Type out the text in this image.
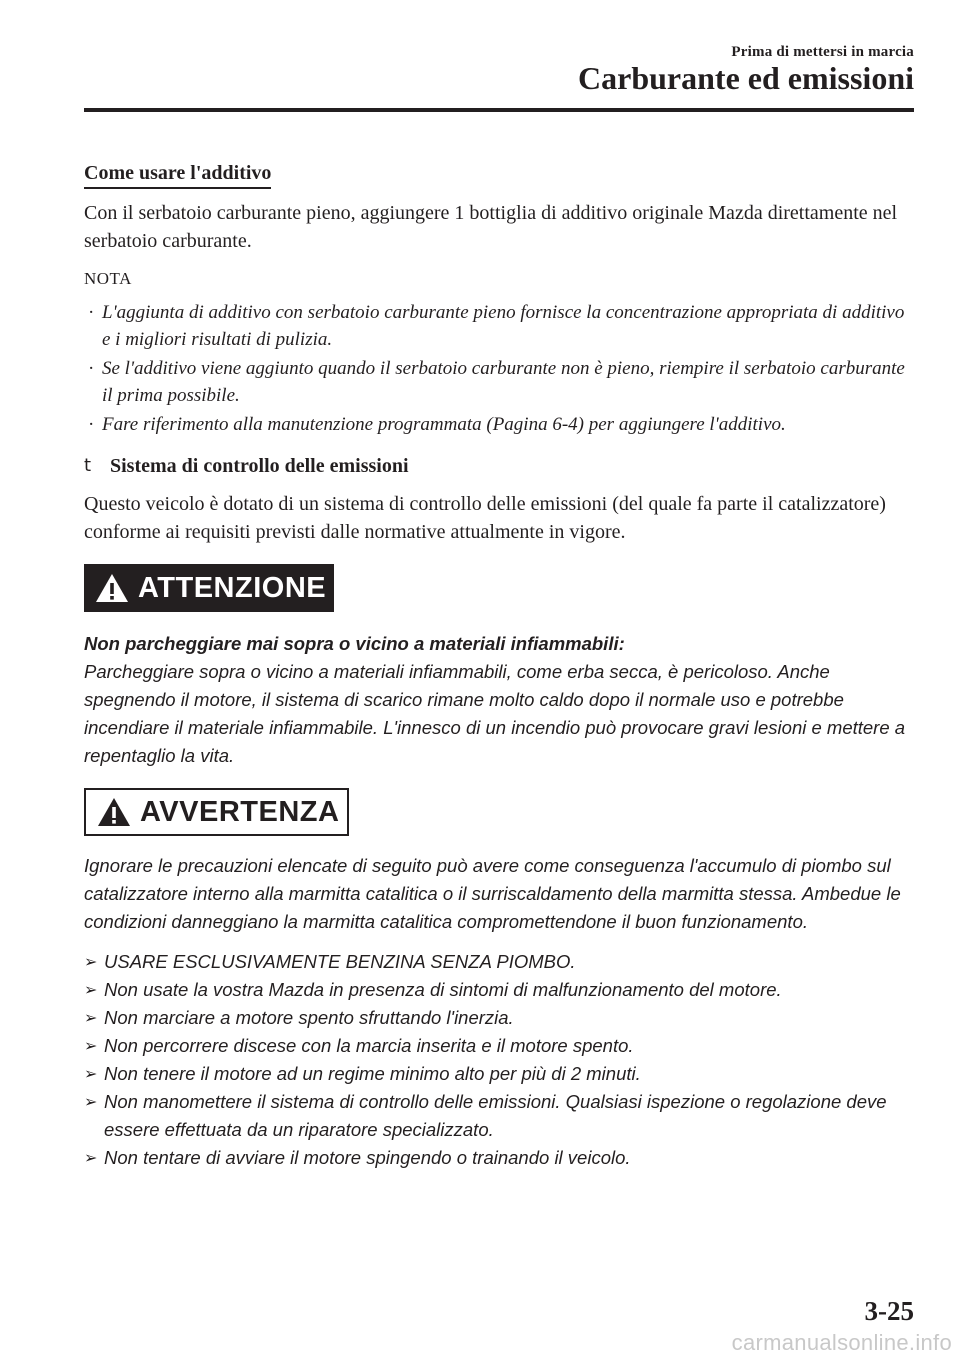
Prima di mettersi in marcia
Carburante ed emissioni
Come usare l'additivo

Con il serbatoio carburante pieno, aggiungere 1 bottiglia di additivo originale Mazda direttamente nel serbatoio carburante.

NOTA
· L'aggiunta di additivo con serbatoio carburante pieno fornisce la concentrazione appropriata di additivo e i migliori risultati di pulizia.
· Se l'additivo viene aggiunto quando il serbatoio carburante non è pieno, riempire il serbatoio carburante il prima possibile.
· Fare riferimento alla manutenzione programmata (Pagina 6-4) per aggiungere l'additivo.
t Sistema di controllo delle emissioni

Questo veicolo è dotato di un sistema di controllo delle emissioni (del quale fa parte il catalizzatore) conforme ai requisiti previsti dalle normative attualmente in vigore.

ATTENZIONE
Non parcheggiare mai sopra o vicino a materiali infiammabili:
Parcheggiare sopra o vicino a materiali infiammabili, come erba secca, è pericoloso. Anche spegnendo il motore, il sistema di scarico rimane molto caldo dopo il normale uso e potrebbe incendiare il materiale infiammabile. L'innesco di un incendio può provocare gravi lesioni e mettere a repentaglio la vita.
AVVERTENZA
Ignorare le precauzioni elencate di seguito può avere come conseguenza l'accumulo di piombo sul catalizzatore interno alla marmitta catalitica o il surriscaldamento della marmitta stessa. Ambedue le condizioni danneggiano la marmitta catalitica compromettendone il buon funzionamento.
➢ USARE ESCLUSIVAMENTE BENZINA SENZA PIOMBO.
➢ Non usate la vostra Mazda in presenza di sintomi di malfunzionamento del motore.
➢ Non marciare a motore spento sfruttando l'inerzia.
➢ Non percorrere discese con la marcia inserita e il motore spento.
➢ Non tenere il motore ad un regime minimo alto per più di 2 minuti.
➢ Non manomettere il sistema di controllo delle emissioni. Qualsiasi ispezione o regolazione deve essere effettuata da un riparatore specializzato.
➢ Non tentare di avviare il motore spingendo o trainando il veicolo.
3-25
carmanualsonline.info
